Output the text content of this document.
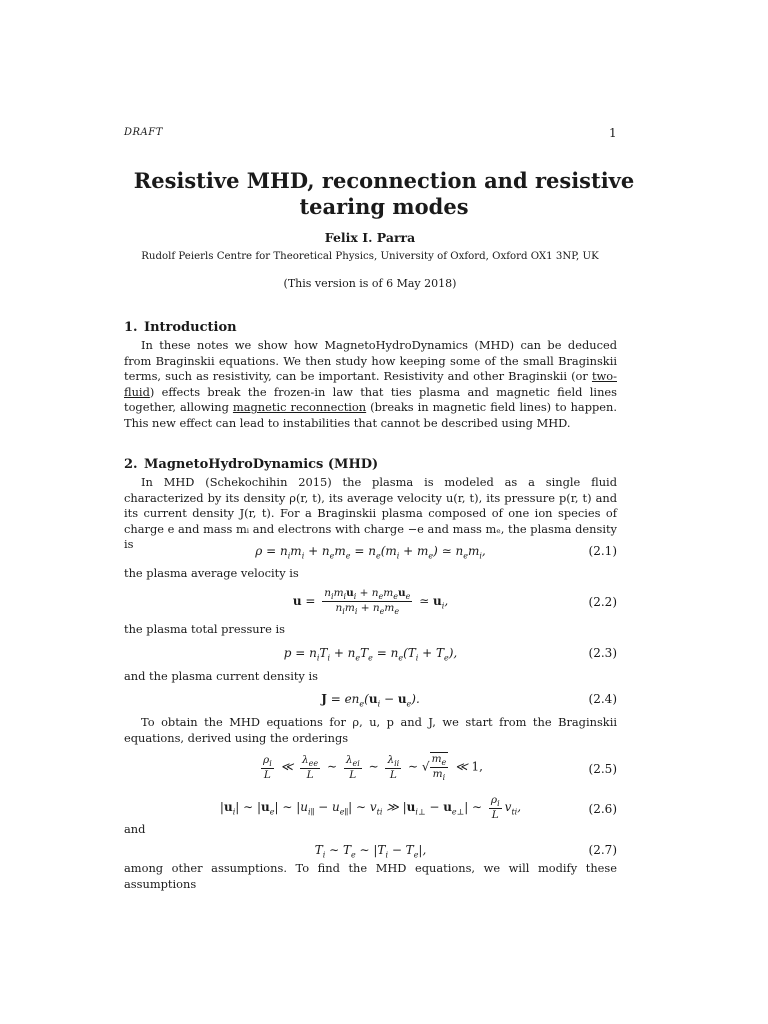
DRAFT	1
Resistive MHD, reconnection and resistive tearing modes
Felix I. Parra
Rudolf Peierls Centre for Theoretical Physics, University of Oxford, Oxford OX1 3NP, UK
(This version is of 6 May 2018)
1. Introduction
In these notes we show how MagnetoHydroDynamics (MHD) can be deduced from Braginskii equations. We then study how keeping some of the small Braginskii terms, such as resistivity, can be important. Resistivity and other Braginskii (or two-fluid) effects break the frozen-in law that ties plasma and magnetic field lines together, allowing magnetic reconnection (breaks in magnetic field lines) to happen. This new effect can lead to instabilities that cannot be described using MHD.
2. MagnetoHydroDynamics (MHD)
In MHD (Schekochihin 2015) the plasma is modeled as a single fluid characterized by its density ρ(r, t), its average velocity u(r, t), its pressure p(r, t) and its current density J(r, t). For a Braginskii plasma composed of one ion species of charge e and mass mᵢ and electrons with charge −e and mass mₑ, the plasma density is	$\rho = n_im_i + n_em_e = n_e(m_i + m_e)$ ≃ $n_em_i$,	(2.1)
the plasma average velocity is
$u = \frac{n_im_iu_i + n_em_eu_e}{n_im_i + n_em_e}$ ≃ $u_i$,	(2.2)
the plasma total pressure is
$p = n_iT_i + n_eT_e = n_e(T_i + T_e)$,	(2.3)
and the plasma current density is
$J = en_e(u_i - u_e)$.	(2.4)
To obtain the MHD equations for ρ, u, p and J, we start from the Braginskii equations, derived using the orderings
$\frac{\rho_i}{L}$ ≪ $\frac{\lambda_{ee}}{L}$ ∼ $\frac{\lambda_{ei}}{L}$ ∼ $\frac{\lambda_{ii}}{L}$ ∼ √ $\frac{m_e}{m_i}$ ≪ 1,	(2.5)
$|u_i|$ ∼ $|u_e|$ ∼ $|u_{i\parallel} - u_{e\parallel}|$ ∼ $v_{ti}$ ≫ $|u_{i\perp} - u_{e\perp}|$ ∼ $\frac{\rho_i}{L} v_{ti}$,	(2.6)
and
$T_i$ ∼ $T_e$ ∼ $|T_i - T_e|$,	(2.7)
among other assumptions. To find the MHD equations, we will modify these assumptions
